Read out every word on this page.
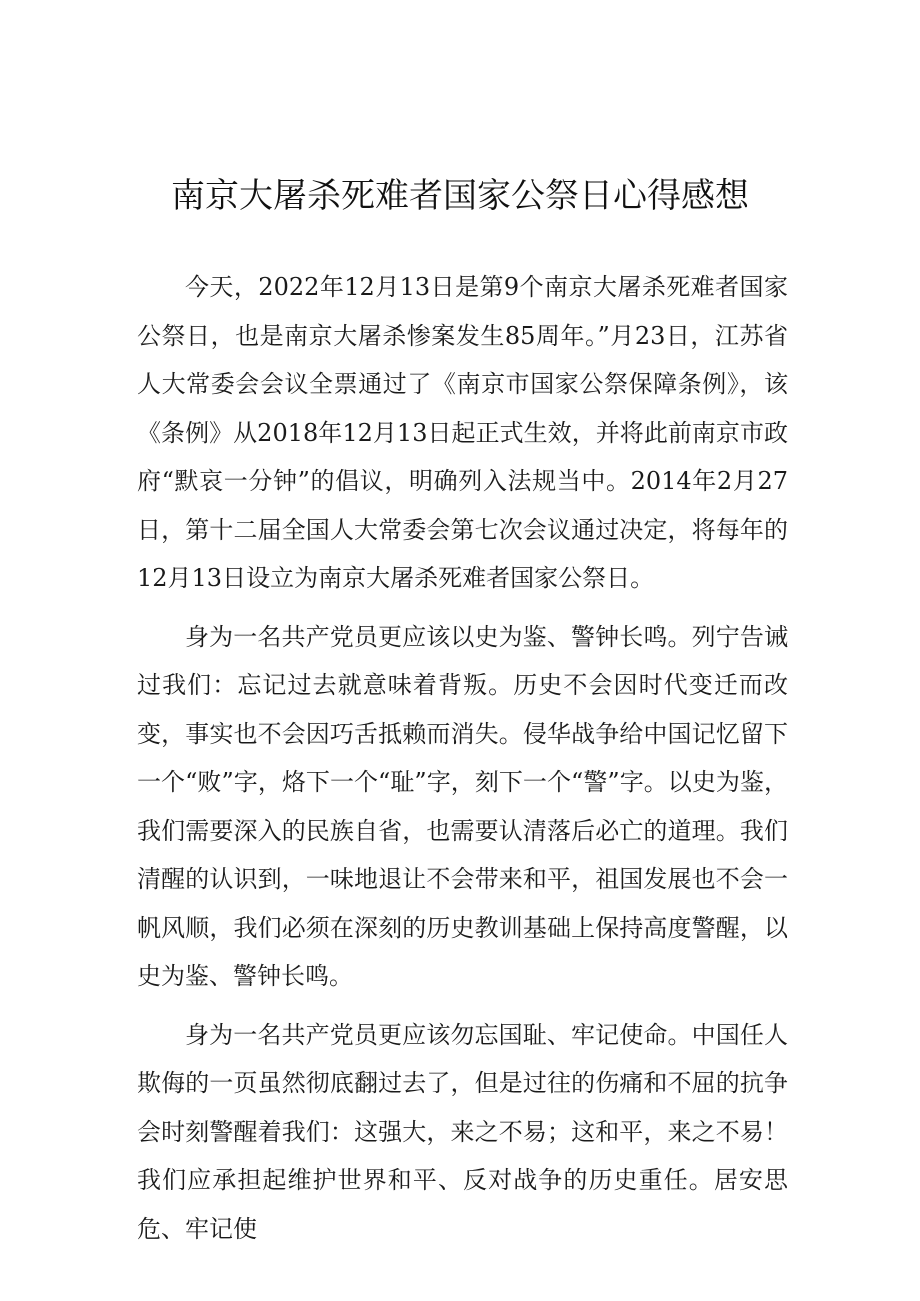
南京大屠杀死难者国家公祭日心得感想

今天，2022年12月13日是第9个南京大屠杀死难者国家公祭日，也是南京大屠杀惨案发生85周年。”月23日，江苏省人大常委会会议全票通过了《南京市国家公祭保障条例》，该《条例》从2018年12月13日起正式生效，并将此前南京市政府“默哀一分钟”的倡议，明确列入法规当中。2014年2月27日，第十二届全国人大常委会第七次会议通过决定，将每年的12月13日设立为南京大屠杀死难者国家公祭日。

身为一名共产党员更应该以史为鉴、警钟长鸣。列宁告诫过我们：忘记过去就意味着背叛。历史不会因时代变迁而改变，事实也不会因巧舌抵赖而消失。侵华战争给中国记忆留下一个“败”字，烙下一个“耻”字，刻下一个“警”字。以史为鉴，我们需要深入的民族自省，也需要认清落后必亡的道理。我们清醒的认识到，一味地退让不会带来和平，祖国发展也不会一帆风顺，我们必须在深刻的历史教训基础上保持高度警醒，以史为鉴、警钟长鸣。

身为一名共产党员更应该勿忘国耻、牢记使命。中国任人欺侮的一页虽然彻底翻过去了，但是过往的伤痛和不屈的抗争会时刻警醒着我们：这强大，来之不易；这和平，来之不易！我们应承担起维护世界和平、反对战争的历史重任。居安思危、牢记使
